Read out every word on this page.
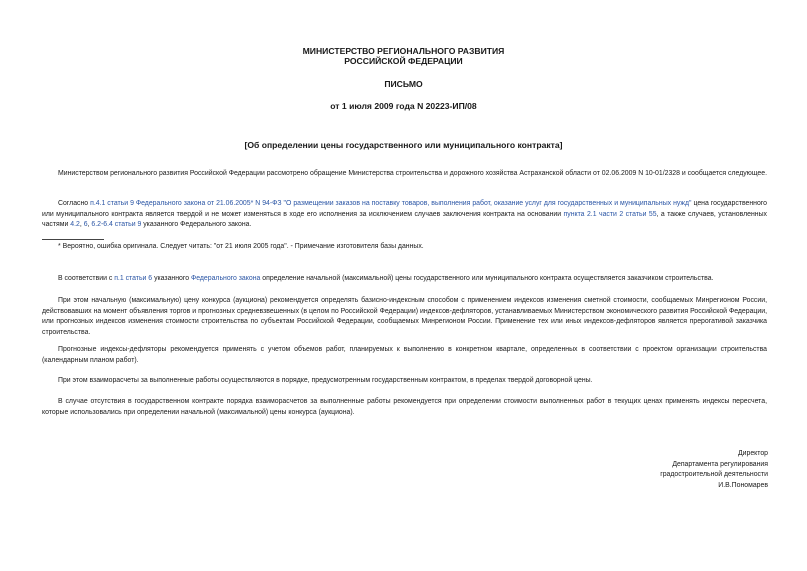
МИНИСТЕРСТВО РЕГИОНАЛЬНОГО РАЗВИТИЯ
РОССИЙСКОЙ ФЕДЕРАЦИИ
ПИСЬМО
от 1 июля 2009 года N 20223-ИП/08
[Об определении цены государственного или муниципального контракта]

Министерством регионального развития Российской Федерации рассмотрено обращение Министерства строительства и дорожного хозяйства Астраханской области от 02.06.2009 N 10-01/2328 и сообщается следующее.

Согласно п.4.1 статьи 9 Федерального закона от 21.06.2005* N 94-ФЗ "О размещении заказов на поставку товаров, выполнения работ, оказание услуг для государственных и муниципальных нужд" цена государственного или муниципального контракта является твердой и не может изменяться в ходе его исполнения за исключением случаев заключения контракта на основании пункта 2.1 части 2 статьи 55, а также случаев, установленных частями 4.2, 6, 6.2-6.4 статьи 9 указанного Федерального закона.

* Вероятно, ошибка оригинала. Следует читать: "от 21 июля 2005 года". - Примечание изготовителя базы данных.

В соответствии с п.1 статьи 6 указанного Федерального закона определение начальной (максимальной) цены государственного или муниципального контракта осуществляется заказчиком строительства.

При этом начальную (максимальную) цену конкурса (аукциона) рекомендуется определять базисно-индексным способом с применением индексов изменения сметной стоимости, сообщаемых Минрегионом России, действовавших на момент объявления торгов и прогнозных средневзвешенных (в целом по Российской Федерации) индексов-дефляторов, устанавливаемых Министерством экономического развития Российской Федерации, или прогнозных индексов изменения стоимости строительства по субъектам Российской Федерации, сообщаемых Минрегионом России. Применение тех или иных индексов-дефляторов является прерогативой заказчика строительства.

Прогнозные индексы-дефляторы рекомендуется применять с учетом объемов работ, планируемых к выполнению в конкретном квартале, определенных в соответствии с проектом организации строительства (календарным планом работ).

При этом взаиморасчеты за выполненные работы осуществляются в порядке, предусмотренным государственным контрактом, в пределах твердой договорной цены.

В случае отсутствия в государственном контракте порядка взаиморасчетов за выполненные работы рекомендуется при определении стоимости выполненных работ в текущих ценах применять индексы пересчета, которые использовались при определении начальной (максимальной) цены конкурса (аукциона).

Директор
Департамента регулирования
градостроительной деятельности
И.В.Пономарев
